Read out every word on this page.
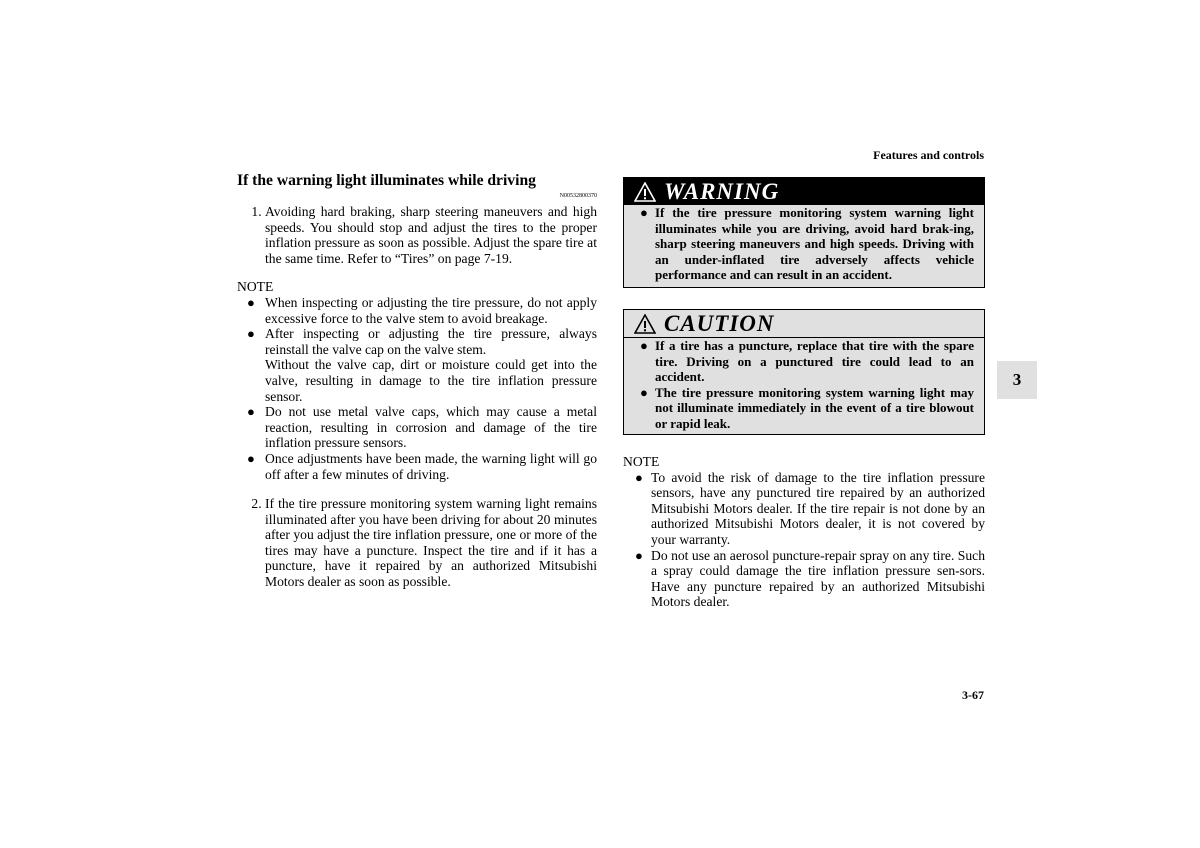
Features and controls
If the warning light illuminates while driving
N00532800370
1. Avoiding hard braking, sharp steering maneuvers and high speeds. You should stop and adjust the tires to the proper inflation pressure as soon as possible. Adjust the spare tire at the same time. Refer to “Tires” on page 7-19.
NOTE
● When inspecting or adjusting the tire pressure, do not apply excessive force to the valve stem to avoid breakage.
● After inspecting or adjusting the tire pressure, always reinstall the valve cap on the valve stem.
Without the valve cap, dirt or moisture could get into the valve, resulting in damage to the tire inflation pressure sensor.
● Do not use metal valve caps, which may cause a metal reaction, resulting in corrosion and damage of the tire inflation pressure sensors.
● Once adjustments have been made, the warning light will go off after a few minutes of driving.
2. If the tire pressure monitoring system warning light remains illuminated after you have been driving for about 20 minutes after you adjust the tire inflation pressure, one or more of the tires may have a puncture. Inspect the tire and if it has a puncture, have it repaired by an authorized Mitsubishi Motors dealer as soon as possible.
WARNING
● If the tire pressure monitoring system warning light illuminates while you are driving, avoid hard brak-ing, sharp steering maneuvers and high speeds. Driving with an under-inflated tire adversely affects vehicle performance and can result in an accident.
CAUTION
● If a tire has a puncture, replace that tire with the spare tire. Driving on a punctured tire could lead to an accident.
● The tire pressure monitoring system warning light may not illuminate immediately in the event of a tire blowout or rapid leak.
NOTE
● To avoid the risk of damage to the tire inflation pressure sensors, have any punctured tire repaired by an authorized Mitsubishi Motors dealer. If the tire repair is not done by an authorized Mitsubishi Motors dealer, it is not covered by your warranty.
● Do not use an aerosol puncture-repair spray on any tire. Such a spray could damage the tire inflation pressure sen-sors. Have any puncture repaired by an authorized Mitsubishi Motors dealer.
3
3-67
